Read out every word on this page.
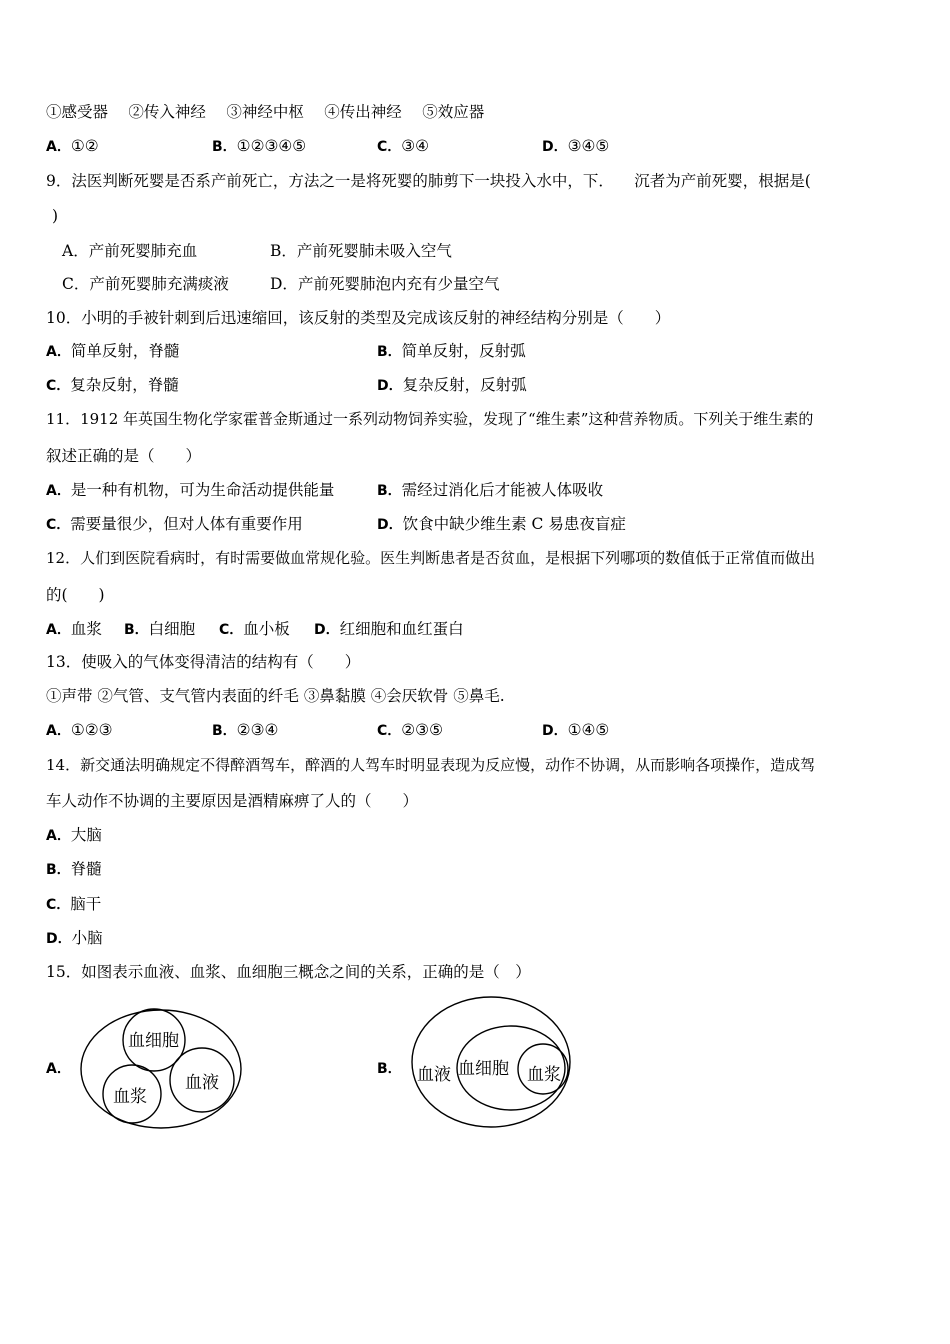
①感受器　 ②传入神经 　③神经中枢 　④传出神经 　⑤效应器
A．①②	B．①②③④⑤	C．③④	D．③④⑤
9．法医判断死婴是否系产前死亡，方法之一是将死婴的肺剪下一块投入水中，下． 　沉者为产前死婴，根据是(
)
A．产前死婴肺充血	B．产前死婴肺未吸入空气
C．产前死婴肺充满痰液	D．产前死婴肺泡内充有少量空气
10．小明的手被针刺到后迅速缩回，该反射的类型及完成该反射的神经结构分别是（　　）
A．简单反射，脊髓	B．简单反射，反射弧
C．复杂反射，脊髓	D．复杂反射，反射弧
11．1912 年英国生物化学家霍普金斯通过一系列动物饲养实验，发现了“维生素”这种营养物质。下列关于维生素的
叙述正确的是（　　）
A．是一种有机物，可为生命活动提供能量	B．需经过消化后才能被人体吸收
C．需要量很少，但对人体有重要作用	D．饮食中缺少维生素 C 易患夜盲症
12．人们到医院看病时，有时需要做血常规化验。医生判断患者是否贫血，是根据下列哪项的数值低于正常值而做出
的(　　)
A．血浆 B．白细胞 C．血小板 D．红细胞和血红蛋白
13．使吸入的气体变得清洁的结构有（　　）
①声带 ②气管、支气管内表面的纤毛 ③鼻黏膜 ④会厌软骨 ⑤鼻毛.
A．①②③	B．②③④	C．②③⑤	D．①④⑤
14．新交通法明确规定不得醉酒驾车，醉酒的人驾车时明显表现为反应慢，动作不协调，从而影响各项操作，造成驾
车人动作不协调的主要原因是酒精麻痹了人的（　　）
A．大脑
B．脊髓
C．脑干
D．小脑
15．如图表示血液、血浆、血细胞三概念之间的关系，正确的是（　）
A．	B．
血细胞
血浆
血液	血液 血细胞 血浆
